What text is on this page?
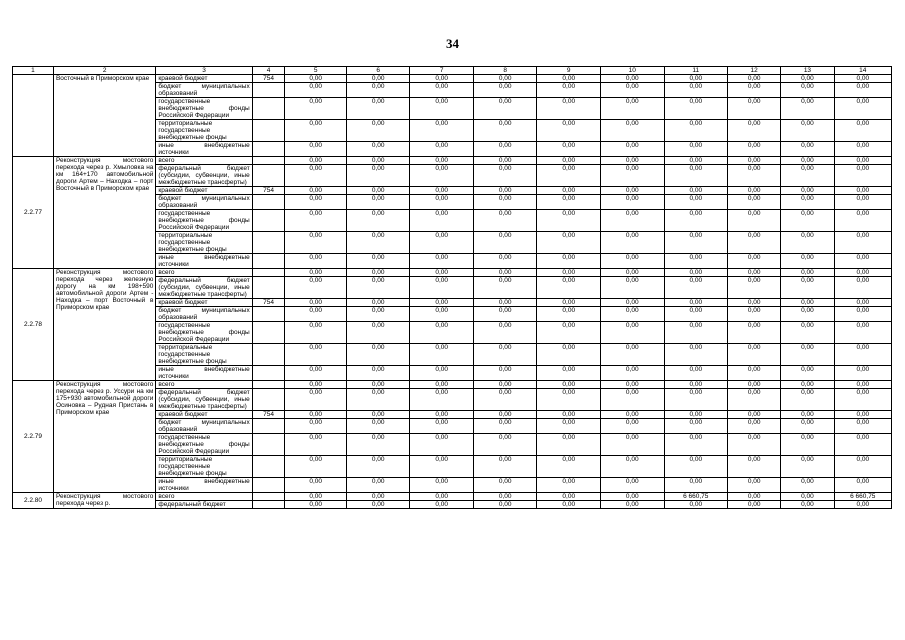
34
1	2	3	4	5	6	7	8	9	10	11	12	13	14
	Восточный в Приморском крае	краевой бюджет	754	0,00	0,00	0,00	0,00	0,00	0,00	0,00	0,00	0,00	0,00
		бюджет муниципальных образований		0,00	0,00	0,00	0,00	0,00	0,00	0,00	0,00	0,00	0,00
		государственные внебюджетные фонды Российской Федерации		0,00	0,00	0,00	0,00	0,00	0,00	0,00	0,00	0,00	0,00
		территориальные государственные внебюджетные фонды		0,00	0,00	0,00	0,00	0,00	0,00	0,00	0,00	0,00	0,00
		иные внебюджетные источники		0,00	0,00	0,00	0,00	0,00	0,00	0,00	0,00	0,00	0,00
2.2.77	Реконструкция мостового перехода через р. Хмыловка на км 164+170 автомобильной дороги Артем – Находка – порт Восточный в Приморском крае	всего		0,00	0,00	0,00	0,00	0,00	0,00	0,00	0,00	0,00	0,00
		федеральный бюджет (субсидии, субвенции, иные межбюджетные трансферты)		0,00	0,00	0,00	0,00	0,00	0,00	0,00	0,00	0,00	0,00
		краевой бюджет	754	0,00	0,00	0,00	0,00	0,00	0,00	0,00	0,00	0,00	0,00
		бюджет муниципальных образований		0,00	0,00	0,00	0,00	0,00	0,00	0,00	0,00	0,00	0,00
		государственные внебюджетные фонды Российской Федерации		0,00	0,00	0,00	0,00	0,00	0,00	0,00	0,00	0,00	0,00
		территориальные государственные внебюджетные фонды		0,00	0,00	0,00	0,00	0,00	0,00	0,00	0,00	0,00	0,00
		иные внебюджетные источники		0,00	0,00	0,00	0,00	0,00	0,00	0,00	0,00	0,00	0,00
2.2.78	Реконструкция мостового перехода через железную дорогу на км 198+590 автомобильной дороги Артем - Находка – порт Восточный в Приморском крае	всего		0,00	0,00	0,00	0,00	0,00	0,00	0,00	0,00	0,00	0,00
		федеральный бюджет (субсидии, субвенции, иные межбюджетные трансферты)		0,00	0,00	0,00	0,00	0,00	0,00	0,00	0,00	0,00	0,00
		краевой бюджет	754	0,00	0,00	0,00	0,00	0,00	0,00	0,00	0,00	0,00	0,00
		бюджет муниципальных образований		0,00	0,00	0,00	0,00	0,00	0,00	0,00	0,00	0,00	0,00
		государственные внебюджетные фонды Российской Федерации		0,00	0,00	0,00	0,00	0,00	0,00	0,00	0,00	0,00	0,00
		территориальные государственные внебюджетные фонды		0,00	0,00	0,00	0,00	0,00	0,00	0,00	0,00	0,00	0,00
		иные внебюджетные источники		0,00	0,00	0,00	0,00	0,00	0,00	0,00	0,00	0,00	0,00
2.2.79	Реконструкция мостового перехода через р. Уссури на км 175+930 автомобильной дороги Осиновка – Рудная Пристань в Приморском крае	всего		0,00	0,00	0,00	0,00	0,00	0,00	0,00	0,00	0,00	0,00
		федеральный бюджет (субсидии, субвенции, иные межбюджетные трансферты)		0,00	0,00	0,00	0,00	0,00	0,00	0,00	0,00	0,00	0,00
		краевой бюджет	754	0,00	0,00	0,00	0,00	0,00	0,00	0,00	0,00	0,00	0,00
		бюджет муниципальных образований		0,00	0,00	0,00	0,00	0,00	0,00	0,00	0,00	0,00	0,00
		государственные внебюджетные фонды Российской Федерации		0,00	0,00	0,00	0,00	0,00	0,00	0,00	0,00	0,00	0,00
		территориальные государственные внебюджетные фонды		0,00	0,00	0,00	0,00	0,00	0,00	0,00	0,00	0,00	0,00
		иные внебюджетные источники		0,00	0,00	0,00	0,00	0,00	0,00	0,00	0,00	0,00	0,00
2.2.80	Реконструкция мостового перехода через р.	всего		0,00	0,00	0,00	0,00	0,00	0,00	6 660,75	0,00	0,00	6 660,75
		федеральный бюджет		0,00	0,00	0,00	0,00	0,00	0,00	0,00	0,00	0,00	0,00
